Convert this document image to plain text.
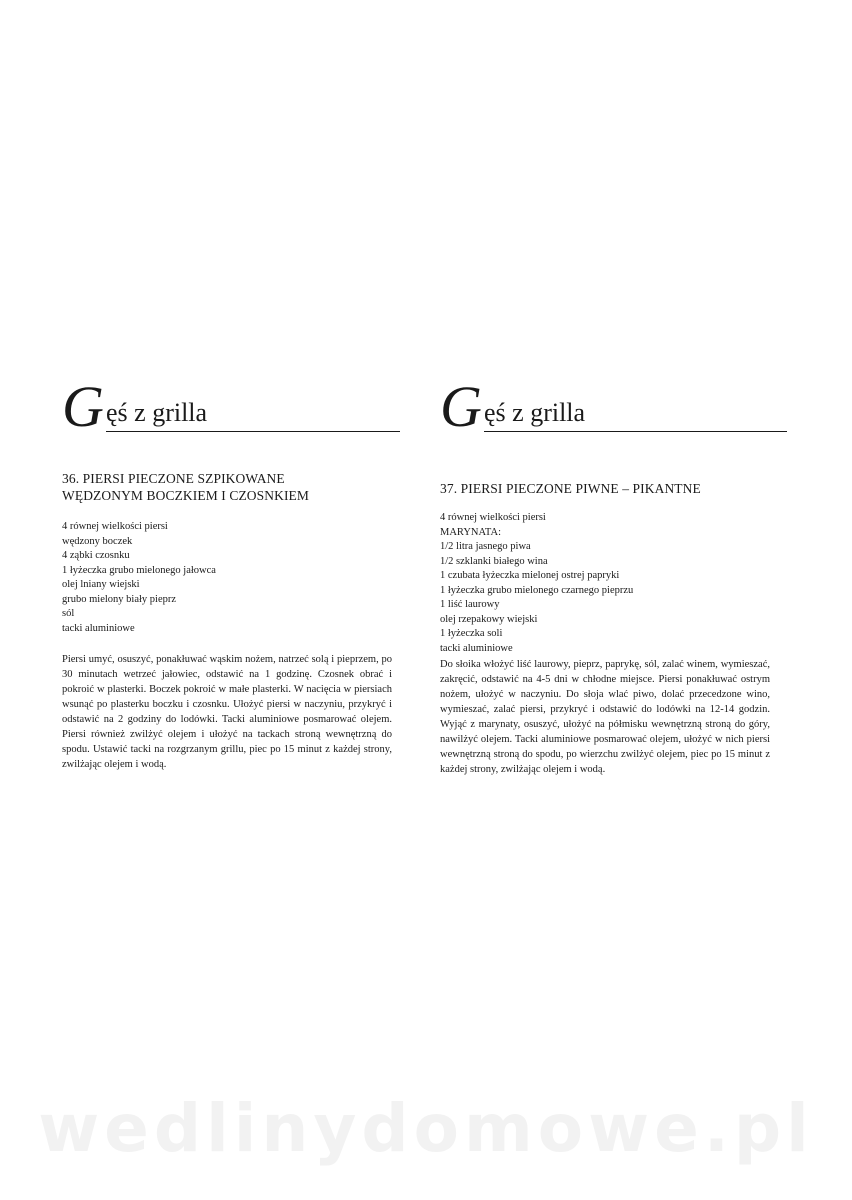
G ęś z grilla
36. PIERSI PIECZONE SZPIKOWANE
WĘDZONYM BOCZKIEM I CZOSNKIEM
4 równej wielkości piersi
wędzony boczek
4 ząbki czosnku
1 łyżeczka grubo mielonego jałowca
olej lniany wiejski
grubo mielony biały pieprz
sól
tacki aluminiowe
Piersi umyć, osuszyć, ponakłuwać wąskim nożem, natrzeć solą i pieprzem, po 30 minutach wetrzeć jałowiec, odstawić na 1 godzinę. Czosnek obrać i pokroić w plasterki. Boczek pokroić w małe plasterki. W nacięcia w piersiach wsunąć po plasterku boczku i czosnku. Ułożyć piersi w naczyniu, przykryć i odstawić na 2 godziny do lodówki. Tacki aluminiowe posmarować olejem. Piersi również zwilżyć olejem i ułożyć na tackach stroną wewnętrzną do spodu. Ustawić tacki na rozgrzanym grillu, piec po 15 minut z każdej strony, zwilżając olejem i wodą.
G ęś z grilla
37. PIERSI PIECZONE PIWNE – PIKANTNE
4 równej wielkości piersi
MARYNATA:
1/2 litra jasnego piwa
1/2 szklanki białego wina
1 czubata łyżeczka mielonej ostrej papryki
1 łyżeczka grubo mielonego czarnego pieprzu
1 liść laurowy
olej rzepakowy wiejski
1 łyżeczka soli
tacki aluminiowe
Do słoika włożyć liść laurowy, pieprz, paprykę, sól, zalać winem, wymieszać, zakręcić, odstawić na 4-5 dni w chłodne miejsce. Piersi ponakłuwać ostrym nożem, ułożyć w naczyniu. Do słoja wlać piwo, dolać przecedzone wino, wymieszać, zalać piersi, przykryć i odstawić do lodówki na 12-14 godzin. Wyjąć z marynaty, osuszyć, ułożyć na półmisku wewnętrzną stroną do góry, nawilżyć olejem. Tacki aluminiowe posmarować olejem, ułożyć w nich piersi wewnętrzną stroną do spodu, po wierzchu zwilżyć olejem, piec po 15 minut z każdej strony, zwilżając olejem i wodą.
wedlinydomowe.pl
